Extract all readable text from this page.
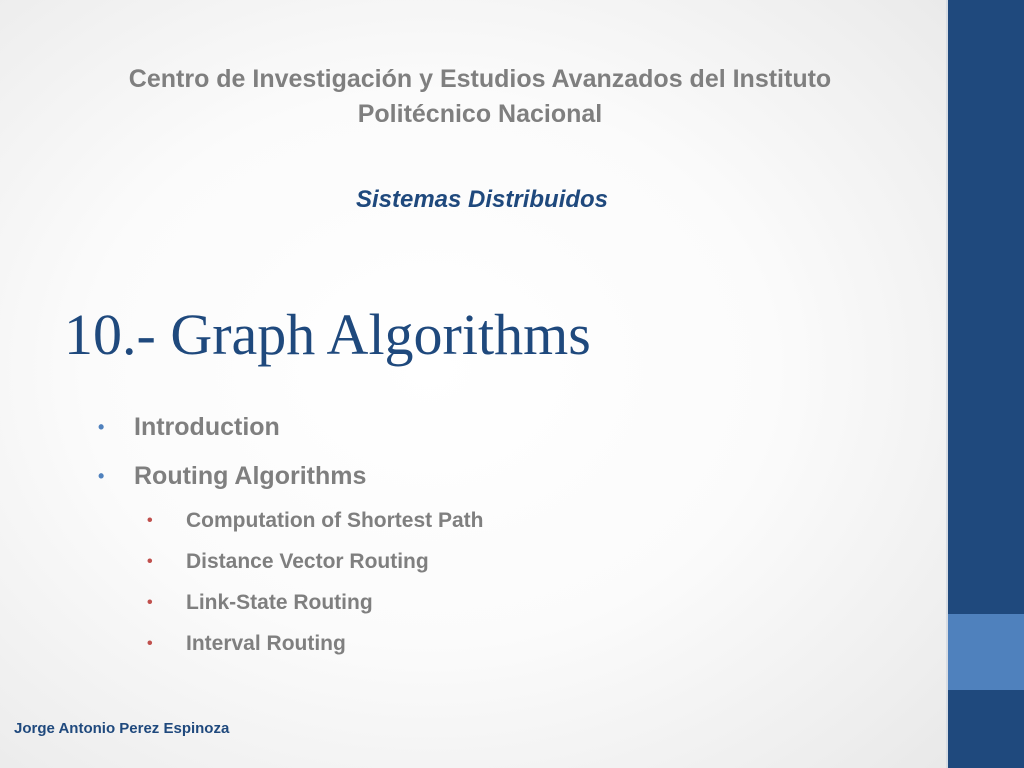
Centro de Investigación y Estudios Avanzados del Instituto
Politécnico Nacional
Sistemas Distribuidos
10.- Graph Algorithms
• Introduction
• Routing Algorithms
• Computation of Shortest Path
• Distance Vector Routing
• Link-State Routing
• Interval Routing
Jorge Antonio Perez Espinoza
